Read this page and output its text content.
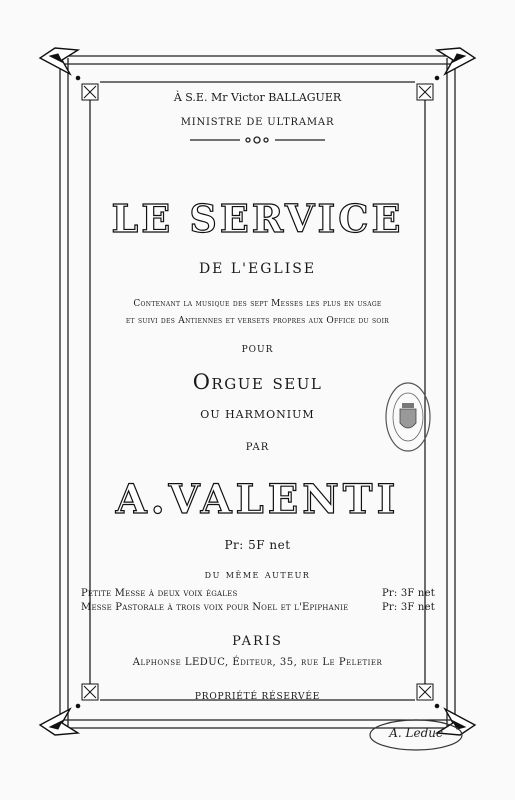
À S.E. Mr Victor BALLAGUER
MINISTRE DE ULTRAMAR
LE SERVICE
DE L'EGLISE
Contenant la musique des sept Messes les plus en usage
et suivi des Antiennes et versets propres aux Office du soir
POUR
Orgue seul
OU HARMONIUM
PAR
A.VALENTI
Pr: 5F net
du même auteur
Petite Messe à deux voix égales	Pr: 3F net
Messe Pastorale à trois voix pour Noel et l'Epiphanie	Pr: 3F net
PARIS
Alphonse LEDUC, Éditeur, 35, rue Le Peletier
PROPRIÉTÉ RÉSERVÉE
A. Leduc
